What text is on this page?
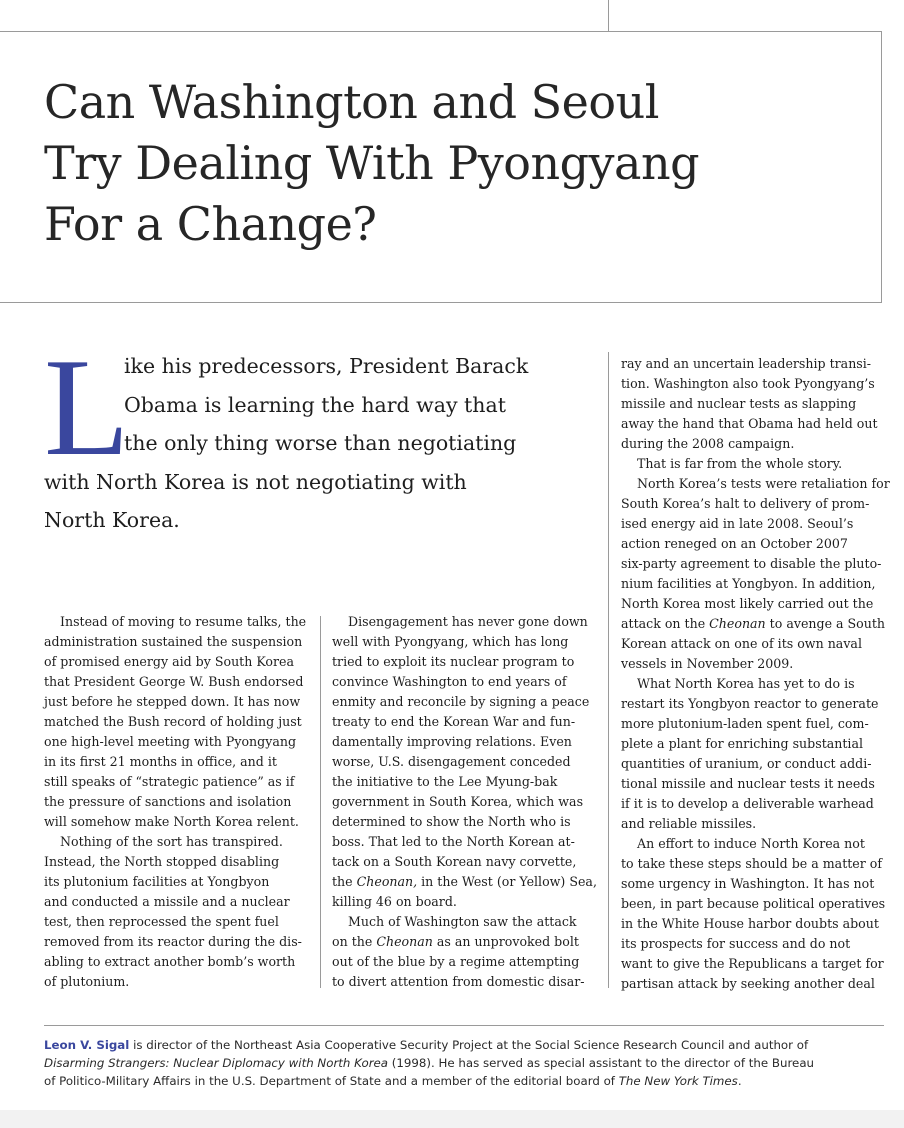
Can Washington and Seoul
Try Dealing With Pyongyang
For a Change?
L

ike his predecessors, President Barack
Obama is learning the hard way that
the only thing worse than negotiating
with North Korea is not negotiating with
North Korea.

Instead of moving to resume talks, the
administration sustained the suspension
of promised energy aid by South Korea
that President George W. Bush endorsed
just before he stepped down. It has now
matched the Bush record of holding just
one high-level meeting with Pyongyang
in its first 21 months in office, and it
still speaks of “strategic patience” as if
the pressure of sanctions and isolation
will somehow make North Korea relent.
Nothing of the sort has transpired.
Instead, the North stopped disabling
its plutonium facilities at Yongbyon
and conducted a missile and a nuclear
test, then reprocessed the spent fuel
removed from its reactor during the dis-
abling to extract another bomb’s worth
of plutonium.
Disengagement has never gone down
well with Pyongyang, which has long
tried to exploit its nuclear program to
convince Washington to end years of
enmity and reconcile by signing a peace
treaty to end the Korean War and fun-
damentally improving relations. Even
worse, U.S. disengagement conceded
the initiative to the Lee Myung-bak
government in South Korea, which was
determined to show the North who is
boss. That led to the North Korean at-
tack on a South Korean navy corvette,
the Cheonan, in the West (or Yellow) Sea,
killing 46 on board.
Much of Washington saw the attack
on the Cheonan as an unprovoked bolt
out of the blue by a regime attempting
to divert attention from domestic disar-
ray and an uncertain leadership transi-
tion. Washington also took Pyongyang’s
missile and nuclear tests as slapping
away the hand that Obama had held out
during the 2008 campaign.
That is far from the whole story.
North Korea’s tests were retaliation for
South Korea’s halt to delivery of prom-
ised energy aid in late 2008. Seoul’s
action reneged on an October 2007
six-party agreement to disable the pluto-
nium facilities at Yongbyon. In addition,
North Korea most likely carried out the
attack on the Cheonan to avenge a South
Korean attack on one of its own naval
vessels in November 2009.
What North Korea has yet to do is
restart its Yongbyon reactor to generate
more plutonium-laden spent fuel, com-
plete a plant for enriching substantial
quantities of uranium, or conduct addi-
tional missile and nuclear tests it needs
if it is to develop a deliverable warhead
and reliable missiles.
An effort to induce North Korea not
to take these steps should be a matter of
some urgency in Washington. It has not
been, in part because political operatives
in the White House harbor doubts about
its prospects for success and do not
want to give the Republicans a target for
partisan attack by seeking another deal
Leon V. Sigal is director of the Northeast Asia Cooperative Security Project at the Social Science Research Council and author of
Disarming Strangers: Nuclear Diplomacy with North Korea (1998). He has served as special assistant to the director of the Bureau
of Politico-Military Affairs in the U.S. Department of State and a member of the editorial board of The New York Times.
